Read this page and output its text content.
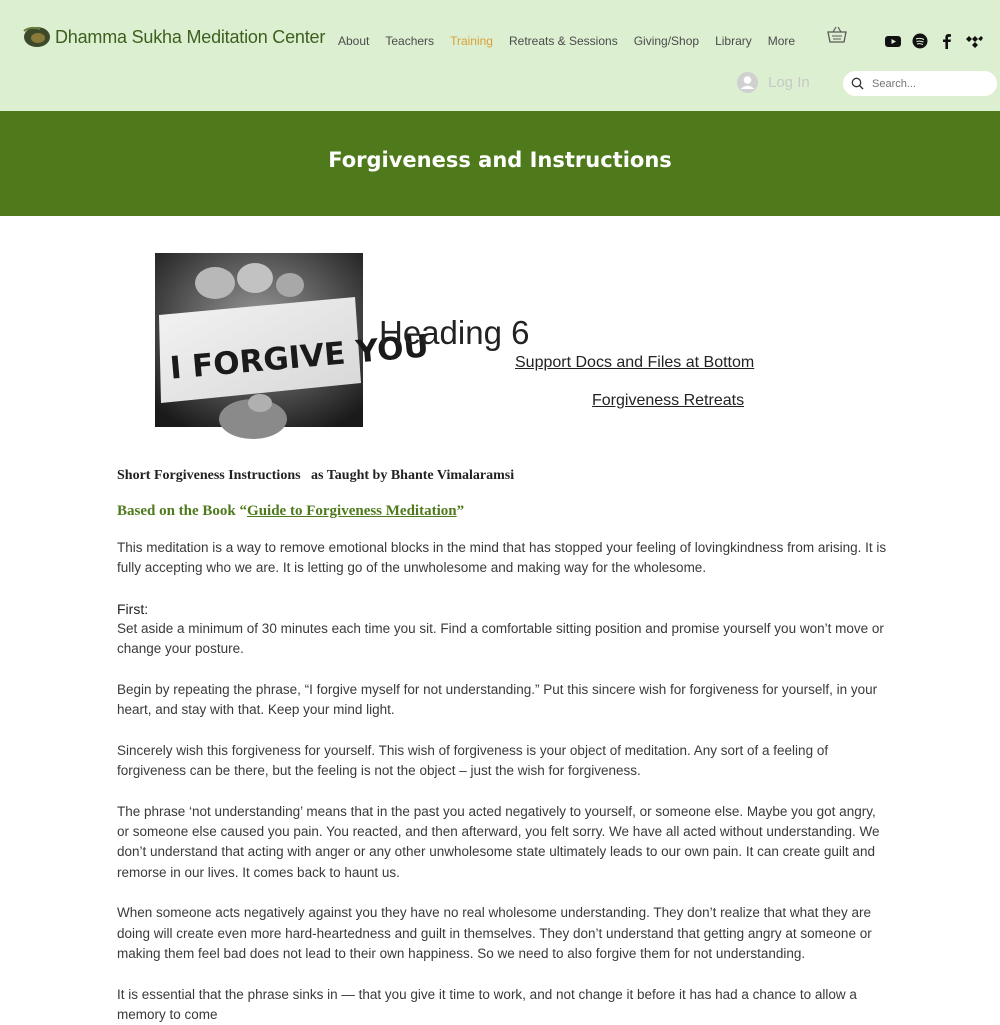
Dhamma Sukha Meditation Center About Teachers Training Retreats & Sessions Giving/Shop Library More
Log In
Search...
Forgiveness and Instructions
I FORGIVE YOU
Heading 6
Support Docs and Files at Bottom
Forgiveness Retreats
Short Forgiveness Instructions   as Taught by Bhante Vimalaramsi
Based on the Book “Guide to Forgiveness Meditation”

This meditation is a way to remove emotional blocks in the mind that has stopped your feeling of lovingkindness from arising. It is fully accepting who we are. It is letting go of the unwholesome and making way for the wholesome.

First:

Set aside a minimum of 30 minutes each time you sit. Find a comfortable sitting position and promise yourself you won’t move or change your posture.

Begin by repeating the phrase, “I forgive myself for not understanding.” Put this sincere wish for forgiveness for yourself, in your heart, and stay with that. Keep your mind light.

Sincerely wish this forgiveness for yourself. This wish of forgiveness is your object of meditation. Any sort of a feeling of forgiveness can be there, but the feeling is not the object – just the wish for forgiveness.

The phrase ‘not understanding’ means that in the past you acted negatively to yourself, or someone else. Maybe you got angry, or someone else caused you pain. You reacted, and then afterward, you felt sorry. We have all acted without understanding. We don’t understand that acting with anger or any other unwholesome state ultimately leads to our own pain. It can create guilt and remorse in our lives. It comes back to haunt us.

When someone acts negatively against you they have no real wholesome understanding. They don’t realize that what they are doing will create even more hard-heartedness and guilt in themselves. They don’t understand that getting angry at someone or making them feel bad does not lead to their own happiness. So we need to also forgive them for not understanding.

It is essential that the phrase sinks in — that you give it time to work, and not change it before it has had a chance to allow a memory to come
